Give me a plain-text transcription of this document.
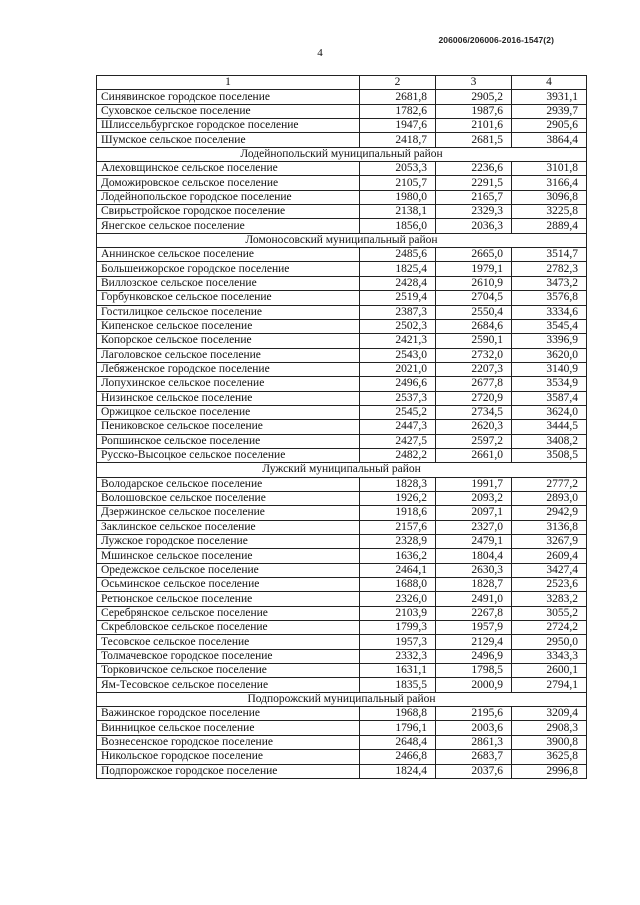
206006/206006-2016-1547(2)
4
1	2	3	4
Синявинское городское поселение	2681,8	2905,2	3931,1
Суховское сельское поселение	1782,6	1987,6	2939,7
Шлиссельбургское городское поселение	1947,6	2101,6	2905,6
Шумское сельское поселение	2418,7	2681,5	3864,4
Лодейнопольский муниципальный район			
Алеховщинское сельское поселение	2053,3	2236,6	3101,8
Доможировское сельское поселение	2105,7	2291,5	3166,4
Лодейнопольское городское поселение	1980,0	2165,7	3096,8
Свирьстройское городское поселение	2138,1	2329,3	3225,8
Янегское сельское поселение	1856,0	2036,3	2889,4
Ломоносовский муниципальный район			
Аннинское сельское поселение	2485,6	2665,0	3514,7
Большеижорское городское поселение	1825,4	1979,1	2782,3
Виллозское сельское поселение	2428,4	2610,9	3473,2
Горбунковское сельское поселение	2519,4	2704,5	3576,8
Гостилицкое сельское поселение	2387,3	2550,4	3334,6
Кипенское сельское поселение	2502,3	2684,6	3545,4
Копорское сельское поселение	2421,3	2590,1	3396,9
Лаголовское сельское поселение	2543,0	2732,0	3620,0
Лебяженское городское поселение	2021,0	2207,3	3140,9
Лопухинское сельское поселение	2496,6	2677,8	3534,9
Низинское сельское поселение	2537,3	2720,9	3587,4
Оржицкое сельское поселение	2545,2	2734,5	3624,0
Пениковское сельское поселение	2447,3	2620,3	3444,5
Ропшинское сельское поселение	2427,5	2597,2	3408,2
Русско-Высоцкое сельское поселение	2482,2	2661,0	3508,5
Лужский муниципальный район			
Володарское сельское поселение	1828,3	1991,7	2777,2
Волошовское сельское поселение	1926,2	2093,2	2893,0
Дзержинское сельское поселение	1918,6	2097,1	2942,9
Заклинское сельское поселение	2157,6	2327,0	3136,8
Лужское городское поселение	2328,9	2479,1	3267,9
Мшинское сельское поселение	1636,2	1804,4	2609,4
Оредежское сельское поселение	2464,1	2630,3	3427,4
Осьминское сельское поселение	1688,0	1828,7	2523,6
Ретюнское сельское поселение	2326,0	2491,0	3283,2
Серебрянское сельское поселение	2103,9	2267,8	3055,2
Скребловское сельское поселение	1799,3	1957,9	2724,2
Тесовское сельское поселение	1957,3	2129,4	2950,0
Толмачевское городское поселение	2332,3	2496,9	3343,3
Торковичское сельское поселение	1631,1	1798,5	2600,1
Ям-Тесовское сельское поселение	1835,5	2000,9	2794,1
Подпорожский муниципальный район			
Важинское городское поселение	1968,8	2195,6	3209,4
Винницкое сельское поселение	1796,1	2003,6	2908,3
Вознесенское городское поселение	2648,4	2861,3	3900,8
Никольское городское поселение	2466,8	2683,7	3625,8
Подпорожское городское поселение	1824,4	2037,6	2996,8
